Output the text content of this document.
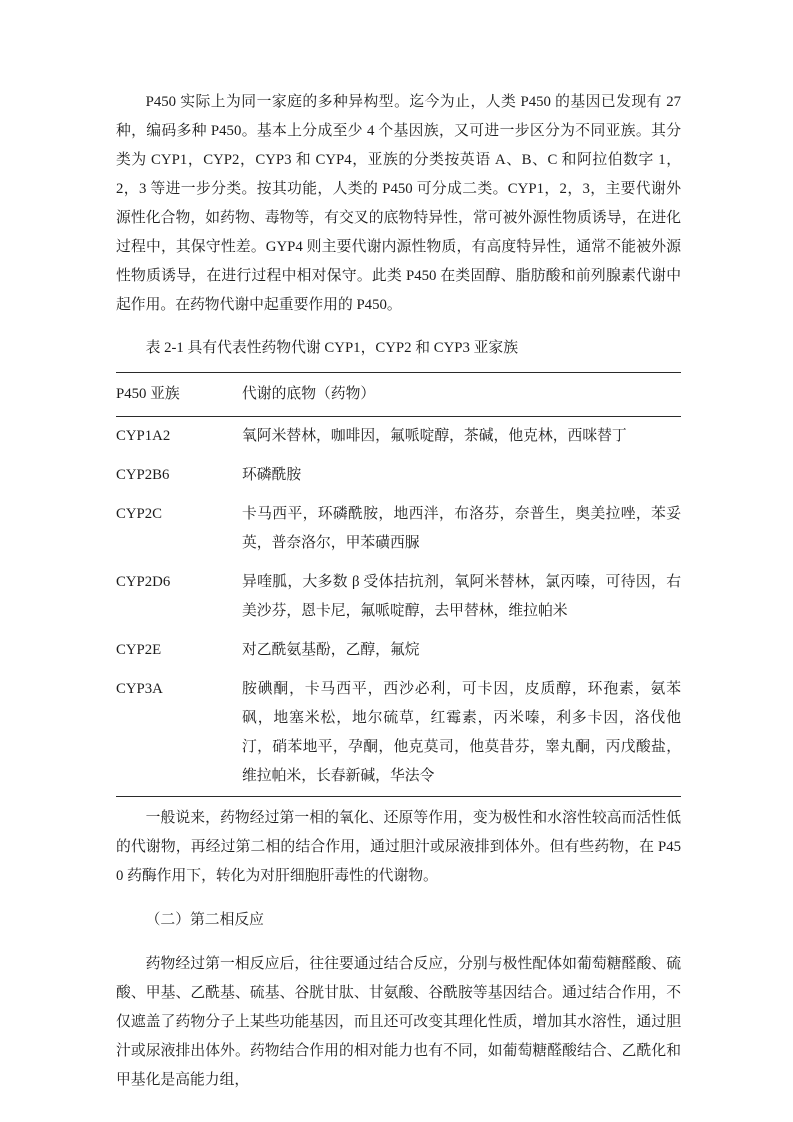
P450 实际上为同一家庭的多种异构型。迄今为止，人类 P450 的基因已发现有 27 种，编码多种 P450。基本上分成至少 4 个基因族，又可进一步区分为不同亚族。其分类为 CYP1，CYP2，CYP3 和 CYP4，亚族的分类按英语 A、B、C 和阿拉伯数字 1，2，3 等进一步分类。按其功能，人类的 P450 可分成二类。CYP1，2，3，主要代谢外源性化合物，如药物、毒物等，有交叉的底物特异性，常可被外源性物质诱导，在进化过程中，其保守性差。GYP4 则主要代谢内源性物质，有高度特异性，通常不能被外源性物质诱导，在进行过程中相对保守。此类 P450 在类固醇、脂肪酸和前列腺素代谢中起作用。在药物代谢中起重要作用的 P450。

表 2-1 具有代表性药物代谢 CYP1，CYP2 和 CYP3 亚家族
P450 亚族	代谢的底物（药物）
CYP1A2	氧阿米替林，咖啡因，氟哌啶醇，茶碱，他克林，西咪替丁
CYP2B6	环磷酰胺
CYP2C	卡马西平，环磷酰胺，地西泮，布洛芬，奈普生，奥美拉唑，苯妥英，普奈洛尔，甲苯磺西脲
CYP2D6	异喹胍，大多数 β 受体拮抗剂，氧阿米替林，氯丙嗪，可待因，右美沙芬，恩卡尼，氟哌啶醇，去甲替林，维拉帕米
CYP2E	对乙酰氨基酚，乙醇，氟烷
CYP3A	胺碘酮，卡马西平，西沙必利，可卡因，皮质醇，环孢素，氨苯砜，地塞米松，地尔硫草，红霉素，丙米嗪，利多卡因，洛伐他汀，硝苯地平，孕酮，他克莫司，他莫昔芬，睾丸酮，丙戊酸盐，维拉帕米，长春新碱，华法令

一般说来，药物经过第一相的氧化、还原等作用，变为极性和水溶性较高而活性低的代谢物，再经过第二相的结合作用，通过胆汁或尿液排到体外。但有些药物，在 P450 药酶作用下，转化为对肝细胞肝毒性的代谢物。

（二）第二相反应

药物经过第一相反应后，往往要通过结合反应，分别与极性配体如葡萄糖醛酸、硫酸、甲基、乙酰基、硫基、谷胱甘肽、甘氨酸、谷酰胺等基因结合。通过结合作用，不仅遮盖了药物分子上某些功能基因，而且还可改变其理化性质，增加其水溶性，通过胆汁或尿液排出体外。药物结合作用的相对能力也有不同，如葡萄糖醛酸结合、乙酰化和甲基化是高能力组，
